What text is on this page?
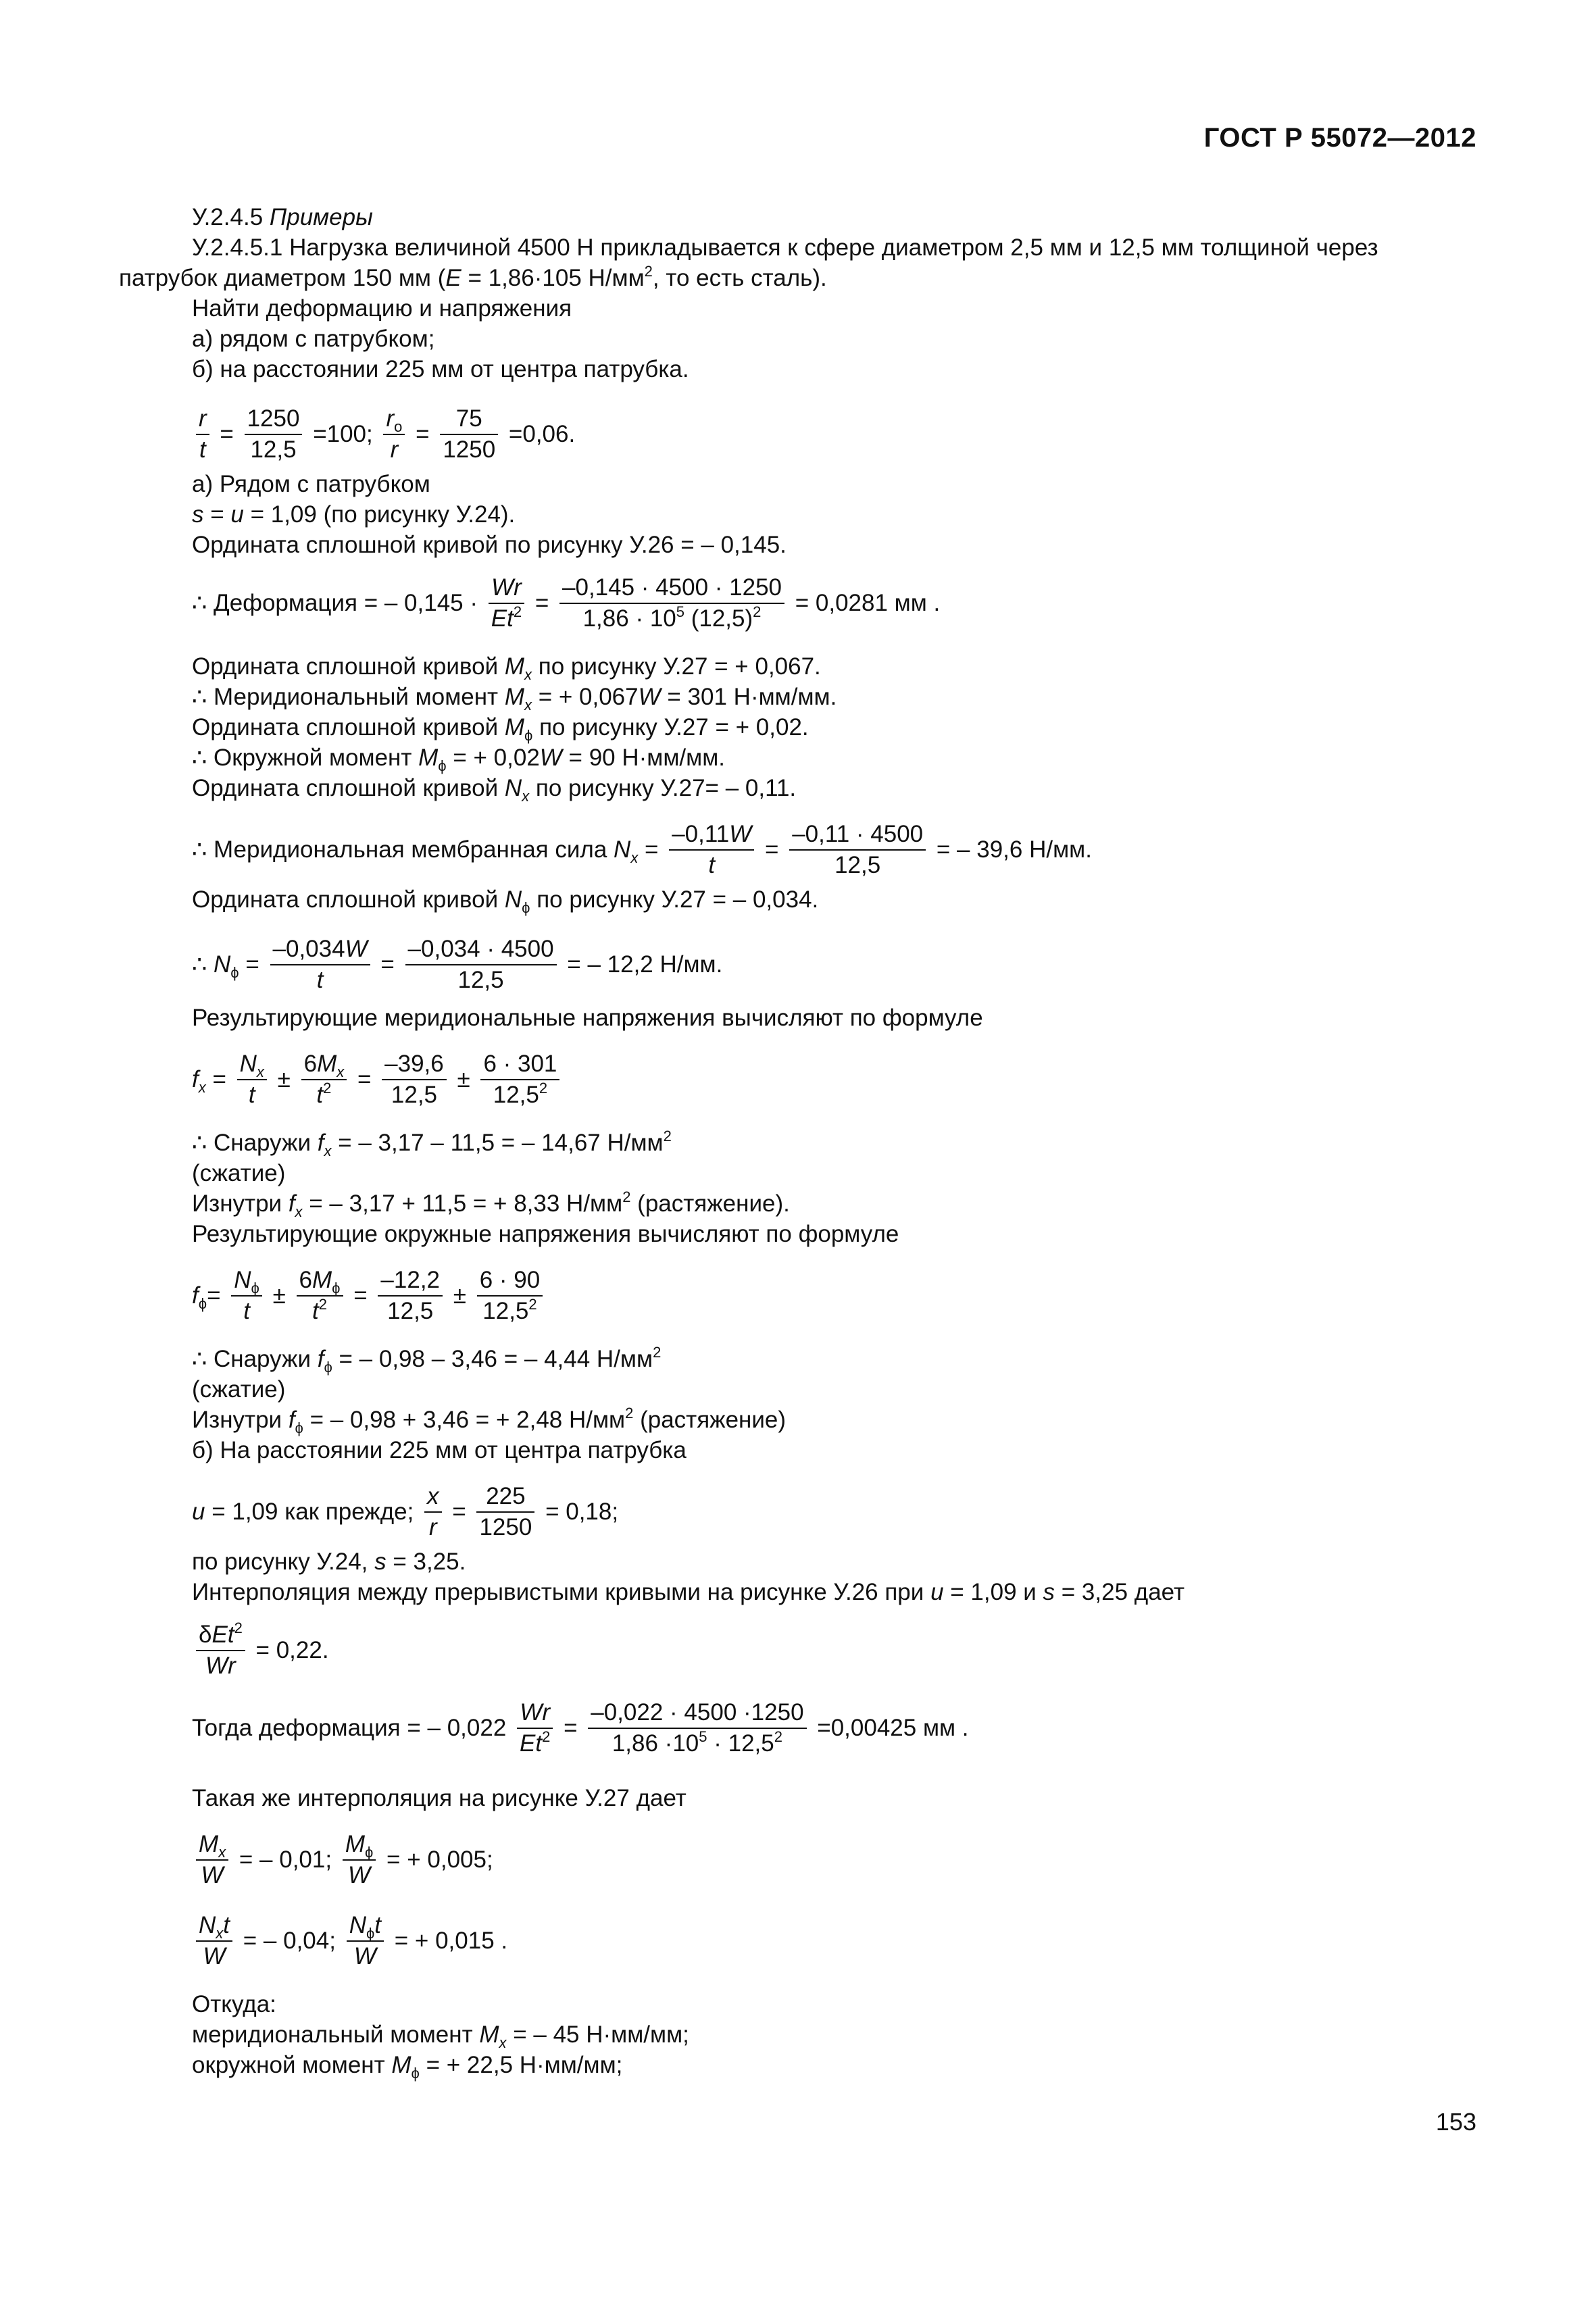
ГОСТ Р 55072—2012
У.2.4.5 Примеры
У.2.4.5.1 Нагрузка величиной 4500 Н прикладывается к сфере диаметром 2,5 мм и 12,5 мм толщиной через
патрубок диаметром 150 мм (E = 1,86·105 $Н/мм^2$, то есть сталь).
Найти деформацию и напряжения
а) рядом с патрубком;
б) на расстоянии 225 мм от центра патрубка.
$\frac{r}{t} = \frac{1250}{12,5} =100$; $\frac{r_o}{r} = \frac{75}{1250} =0,06$.
а) Рядом с патрубком
s = u = 1,09 (по рисунку У.24).
Ордината сплошной кривой по рисунку У.26 = – 0,145.
∴ Деформация = – $0,145 \cdot \frac{Wr}{Et^2} = \frac{-0,145 \cdot 4500 \cdot 1250}{1,86 \cdot 10^5 (12,5)^2} = 0,0281$ мм .
Ордината сплошной кривой $M_x$ по рисунку У.27 = + 0,067.
∴ Меридиональный момент $M_x$ = + 0,067W = 301 Н·мм/мм.
Ордината сплошной кривой $M_\phi$ по рисунку У.27 = + 0,02.
∴ Окружной момент $M_\phi$ = + 0,02W = 90 Н·мм/мм.
Ордината сплошной кривой $N_x$ по рисунку У.27= – 0,11.
∴ Меридиональная мембранная сила $N_x = \frac{-0,11W}{t} = \frac{-0,11 \cdot 4500}{12,5}$ = – 39,6 Н/мм.
Ордината сплошной кривой $N_\phi$ по рисунку У.27 = – 0,034.
∴ $N_\phi = \frac{-0,034W}{t} = \frac{-0,034 \cdot 4500}{12,5}$ = – 12,2 Н/мм.
Результирующие меридиональные напряжения вычисляют по формуле
$f_x = \frac{N_x}{t} \pm \frac{6M_x}{t^2} = \frac{-39,6}{12,5} \pm \frac{6 \cdot 301}{12,5^2}$
∴ Снаружи $f_x$ = – 3,17 – 11,5 = – 14,67 $Н/мм^2$
(сжатие)
Изнутри $f_x$ = – 3,17 + 11,5 = + 8,33 $Н/мм^2$ (растяжение).
Результирующие окружные напряжения вычисляют по формуле
$f_\phi= \frac{N_\phi}{t} \pm \frac{6M_\phi}{t^2} = \frac{-12,2}{12,5} \pm \frac{6 \cdot 90}{12,5^2}$
∴ Снаружи $f_\phi$ = – 0,98 – 3,46 = – 4,44 $Н/мм^2$
(сжатие)
Изнутри $f_\phi$ = – 0,98 + 3,46 = + 2,48 $Н/мм^2$ (растяжение)
б) На расстоянии 225 мм от центра патрубка
u = 1,09 как прежде; $\frac{x}{r} = \frac{225}{1250} = 0,18$;
по рисунку У.24, s = 3,25.
Интерполяция между прерывистыми кривыми на рисунке У.26 при u = 1,09 и s = 3,25 дает
$\frac{\delta Et^2}{Wr} = 0,22$.
Тогда деформация = – $0,022 \frac{Wr}{Et^2} = \frac{-0,022 \cdot 4500 \cdot 1250}{1,86 \cdot 10^5 \cdot 12,5^2} =0,00425$ мм .
Такая же интерполяция на рисунке У.27 дает
$\frac{M_x}{W}$ = – 0,01; $\frac{M_\phi}{W}$ = + 0,005;
$\frac{N_xt}{W}$ = – 0,04; $\frac{N_\phi t}{W}$ = + 0,015 .
Откуда:
меридиональный момент $M_x$ = – 45 Н·мм/мм;
окружной момент $M_\phi$ = + 22,5 Н·мм/мм;
153
